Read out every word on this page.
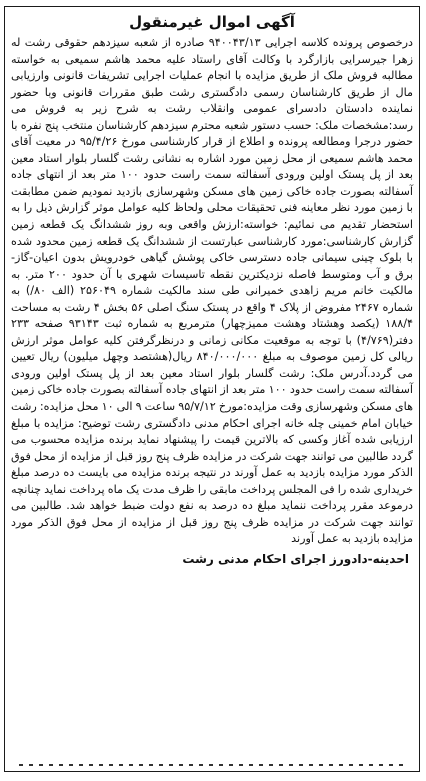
آگهی اموال غیرمنقول

درخصوص پرونده کلاسه اجرایی ۹۴۰۰۴۳/۱۳ صادره از شعبه سیزدهم حقوقی رشت له زهرا جیرسرایی بازارگرد با وکالت آقای راستاد علیه محمد هاشم سمیعی به خواسته مطالبه فروش ملک از طریق مزایده با انجام عملیات اجرایی تشریفات قانونی وارزیابی مال از طریق کارشناسان رسمی دادگستری رشت طبق مقررات قانونی وبا حضور نماینده دادستان دادسرای عمومی وانقلاب رشت به شرح زیر به فروش می رسد:مشخصات ملک: حسب دستور شعبه محترم سیزدهم کارشناسان منتخب پنج نفره با حضور درجرا ومطالعه پرونده و اطلاع از قرار کارشناسی مورخ ۹۵/۴/۲۶ در معیت آقای محمد هاشم سمیعی از محل زمین مورد اشاره به نشانی رشت گلسار بلوار استاد معین بعد از پل پستک اولین ورودی آسفالته سمت راست حدود ۱۰۰ متر بعد از انتهای جاده آسفالته بصورت جاده خاکی زمین های مسکن وشهرسازی بازدید نمودیم ضمن مطابقت با زمین مورد نظر معاینه فنی تحقیقات محلی ولحاظ کلیه عوامل موثر گزارش ذیل را به استحضار تقدیم می نمائیم: خواسته:ارزش واقعی وبه روز ششدانگ یک قطعه زمین گزارش کارشناسی:مورد کارشناسی عبارتست از ششدانگ یک قطعه زمین محدود شده با بلوک چینی سیمانی جاده دسترسی خاکی پوشش گیاهی خودرویش بدون اعیان-گاز-برق و آب ومتوسط فاصله نزدیکترین نقطه تاسیسات شهری با آن حدود ۲۰۰ متر. به مالکیت خانم مریم زاهدی خمیرانی طی سند مالکیت شماره ۲۵۶۰۴۹ (الف ۸۰/) به شماره ۲۴۶۷ مفروض از پلاک ۴ واقع در پستک سنگ اصلی ۵۶ بخش ۴ رشت به مساحت ۱۸۸/۴ (یکصد وهشتاد وهشت ممیزچهار) مترمربع به شماره ثبت ۹۳۱۴۳ صفحه ۲۳۳ دفتر(۴/۷۶۹) با توجه به موقعیت مکانی زمانی و درنظرگرفتن کلیه عوامل موثر ارزش ریالی کل زمین موصوف به مبلغ ۸۴۰/۰۰۰/۰۰۰ ریال(هشتصد وچهل میلیون) ریال تعیین می گردد.آدرس ملک: رشت گلسار بلوار استاد معین بعد از پل پستک اولین ورودی آسفالته سمت راست حدود ۱۰۰ متر بعد از انتهای جاده آسفالته بصورت جاده خاکی زمین های مسکن وشهرسازی وقت مزایده:مورخ ۹۵/۷/۱۲ ساعت ۹ الی ۱۰ محل مزایده: رشت خیابان امام خمینی چله خانه اجرای احکام مدنی دادگستری رشت توضیح: مزایده با مبلغ ارزیابی شده آغاز وکسی که بالاترین قیمت را پیشنهاد نماید برنده مزایده محسوب می گردد طالبین می توانند جهت شرکت در مزایده ظرف پنج روز قبل از مزایده از محل فوق الذکر مورد مزایده بازدید به عمل آورند در نتیجه برنده مزایده می بایست ده درصد مبلغ خریداری شده را فی المجلس پرداخت مابقی را ظرف مدت یک ماه پرداخت نماید چنانچه درموعد مقرر پرداخت ننماید مبلغ ده درصد به نفع دولت ضبط خواهد شد. طالبین می توانند جهت شرکت در مزایده ظرف پنج روز قبل از مزایده از محل فوق الذکر مورد مزایده بازدید به عمل آورند

احدینه-دادورز اجرای احکام مدنی رشت
